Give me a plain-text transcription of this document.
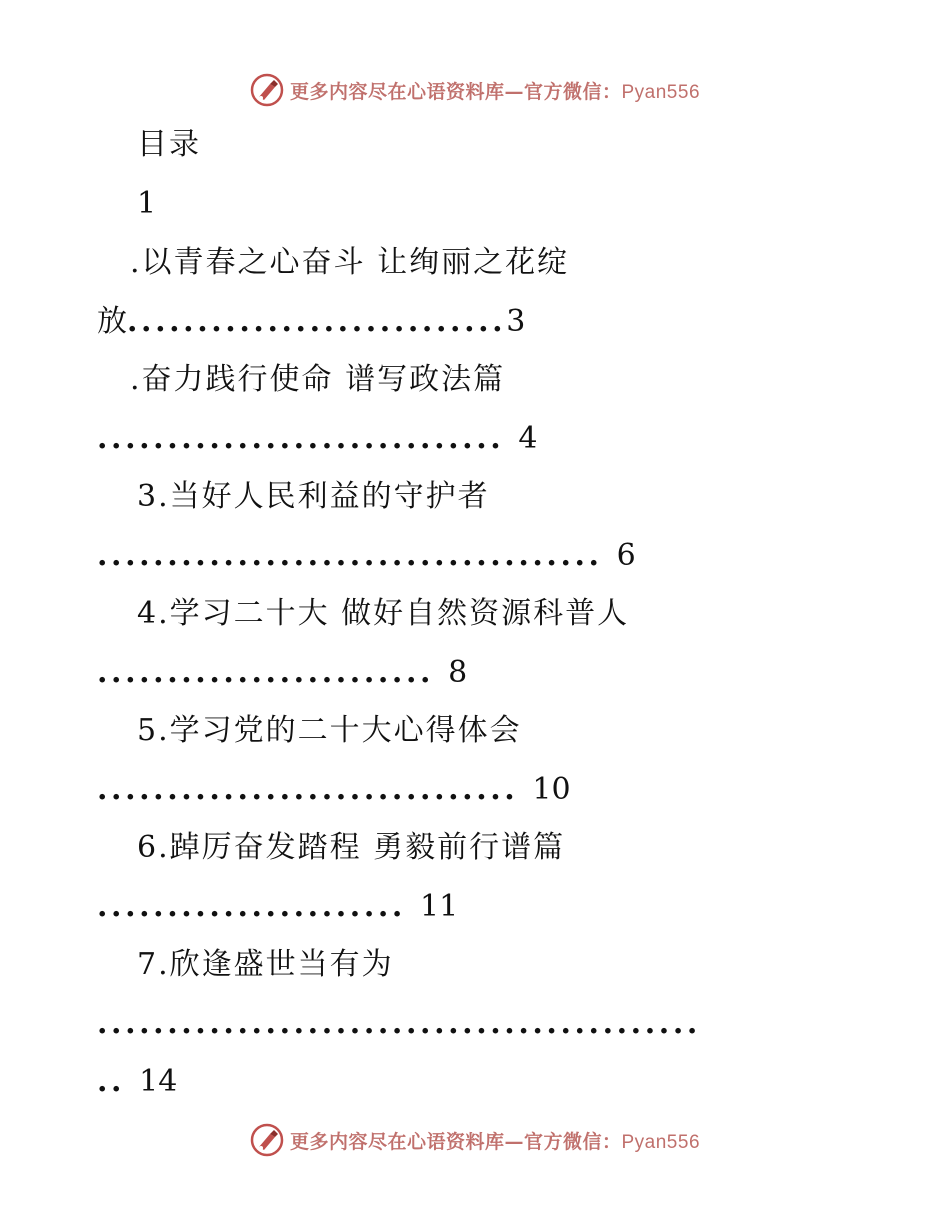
更多内容尽在心语资料库—官方微信：Pyan556
目录
1
.以青春之心奋斗 让绚丽之花绽
放...........................3
.奋力践行使命 谱写政法篇
............................. 4
3.当好人民利益的守护者
.................................... 6
4.学习二十大 做好自然资源科普人
........................ 8
5.学习党的二十大心得体会
.............................. 10
6.踔厉奋发踏程 勇毅前行谱篇
...................... 11
7.欣逢盛世当有为
...........................................
.. 14
更多内容尽在心语资料库—官方微信：Pyan556
